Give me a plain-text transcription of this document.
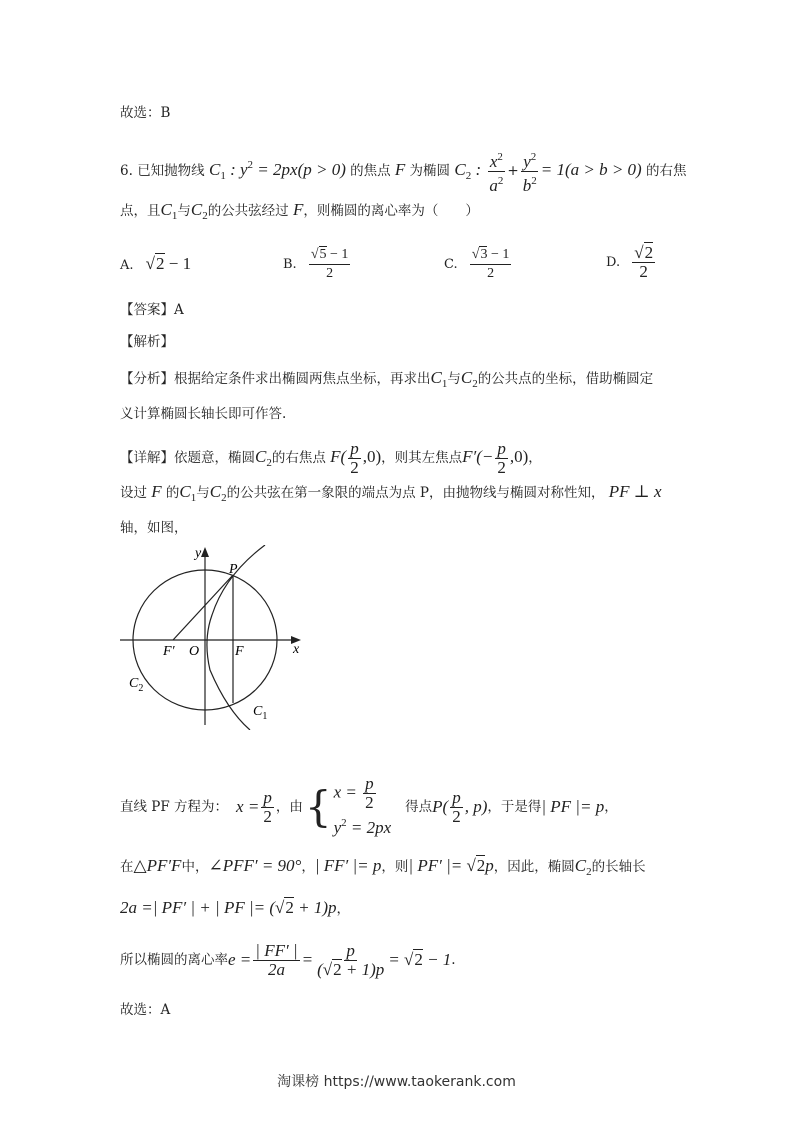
故选：B
6. 已知抛物线 $C_1$ : $y^2 = 2px(p > 0)$ 的焦点 F 为椭圆 $C_2$ : $\frac{x^2}{a^2} + \frac{y^2}{b^2} = 1(a > b > 0)$ 的右焦
点，且$C_1$与$C_2$的公共弦经过 F，则椭圆的离心率为（　　）
A. √2 − 1	B. $\frac{√5 - 1}{2}$	C. $\frac{√3 - 1}{2}$	D. $\frac{√2}{2}$
【答案】A
【解析】
【分析】根据给定条件求出椭圆两焦点坐标，再求出$C_1$与$C_2$的公共点的坐标，借助椭圆定
义计算椭圆长轴长即可作答.
【详解】依题意，椭圆$C_2$的右焦点 $F( \frac{p}{2} ,0)$，则其左焦点$F'(- \frac{p}{2} ,0)$，
设过 F 的$C_1$与$C_2$的公共弦在第一象限的端点为点 P，由抛物线与椭圆对称性知， PF ⊥ x
轴，如图，
y
x
P
F′ O	F
$C_2$
$C_1$
直线 PF 方程为： $x = \frac{p}{2}$ ，由 { $x = \frac{p}{2}$
$y^2 = 2px$
得点 $P( \frac{p}{2}$ , p) ，于是得 | PF |= p ，
在△PF′F中，∠PFF′ = 90°，| FF′ |= p，则| PF′ |= √2p，因此，椭圆$C_2$的长轴长
2a =| PF′ | + | PF |= (√2 + 1)p，
所以椭圆的离心率 $e = \frac{| FF' |}{2a} = \frac{p}{(√2 + 1)p} = √2 - 1$ .
故选：A
淘课榜 https://www.taokerank.com
